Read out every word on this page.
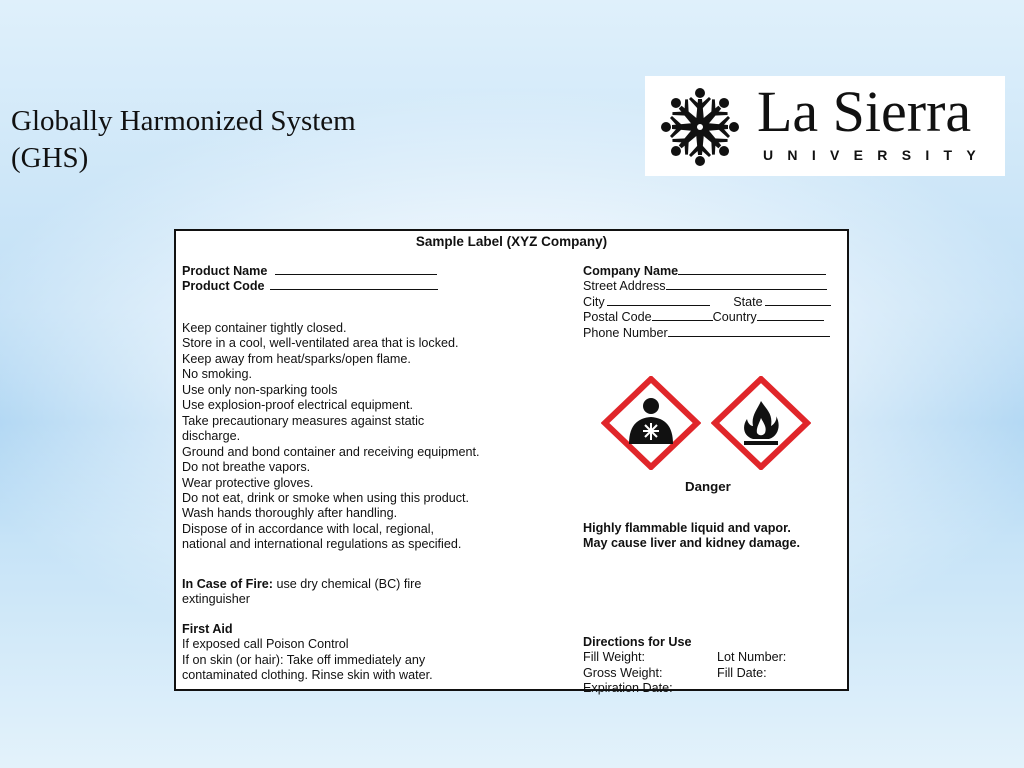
Globally Harmonized System
(GHS)
La Sierra
UNIVERSITY
Sample Label (XYZ Company)
Product Name
Product Code
Keep container tightly closed.
Store in a cool, well-ventilated area that is locked.
Keep away from heat/sparks/open flame.
No smoking.
Use only non-sparking tools
Use explosion-proof electrical equipment.
Take precautionary measures against static
discharge.
Ground and bond container and receiving equipment.
Do not breathe vapors.
Wear protective gloves.
Do not eat, drink or smoke when using this product.
Wash hands thoroughly after handling.
Dispose of in accordance with local, regional,
national and international regulations as specified.
In Case of Fire: use dry chemical (BC) fire
extinguisher
First Aid
If exposed call Poison Control
If on skin (or hair): Take off immediately any
contaminated clothing. Rinse skin with water.
Company Name
Street Address
City	State
Postal Code	Country
Phone Number
Danger
Highly flammable liquid and vapor.
May cause liver and kidney damage.
Directions for Use
Fill Weight:	Lot Number:
Gross Weight:	Fill Date:
Expiration Date:
